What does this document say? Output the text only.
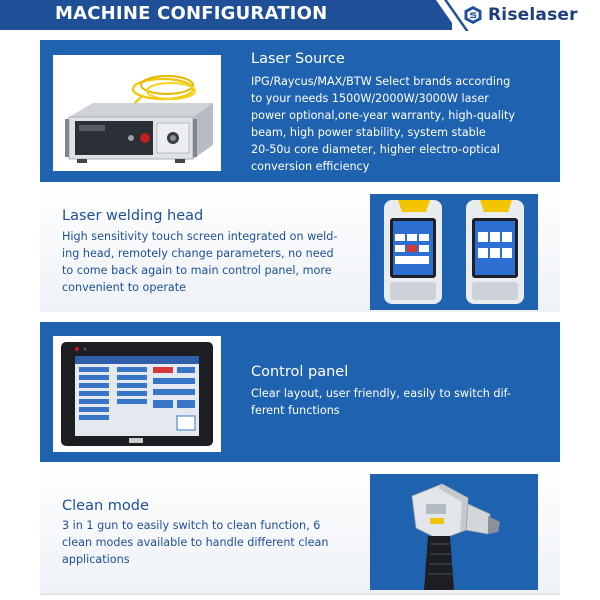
MACHINE CONFIGURATION	Riselaser
Laser Source
IPG/Raycus/MAX/BTW Select brands according
to your needs 1500W/2000W/3000W laser
power optional,one-year warranty, high-quality
beam, high power stability, system stable
20-50u core diameter, higher electro-optical
conversion efficiency
Laser welding head
High sensitivity touch screen integrated on weld-
ing head, remotely change parameters, no need
to come back again to main control panel, more
convenient to operate
Control panel
Clear layout, user friendly, easily to switch dif-
ferent functions
Clean mode
3 in 1 gun to easily switch to clean function, 6
clean modes available to handle different clean
applications
